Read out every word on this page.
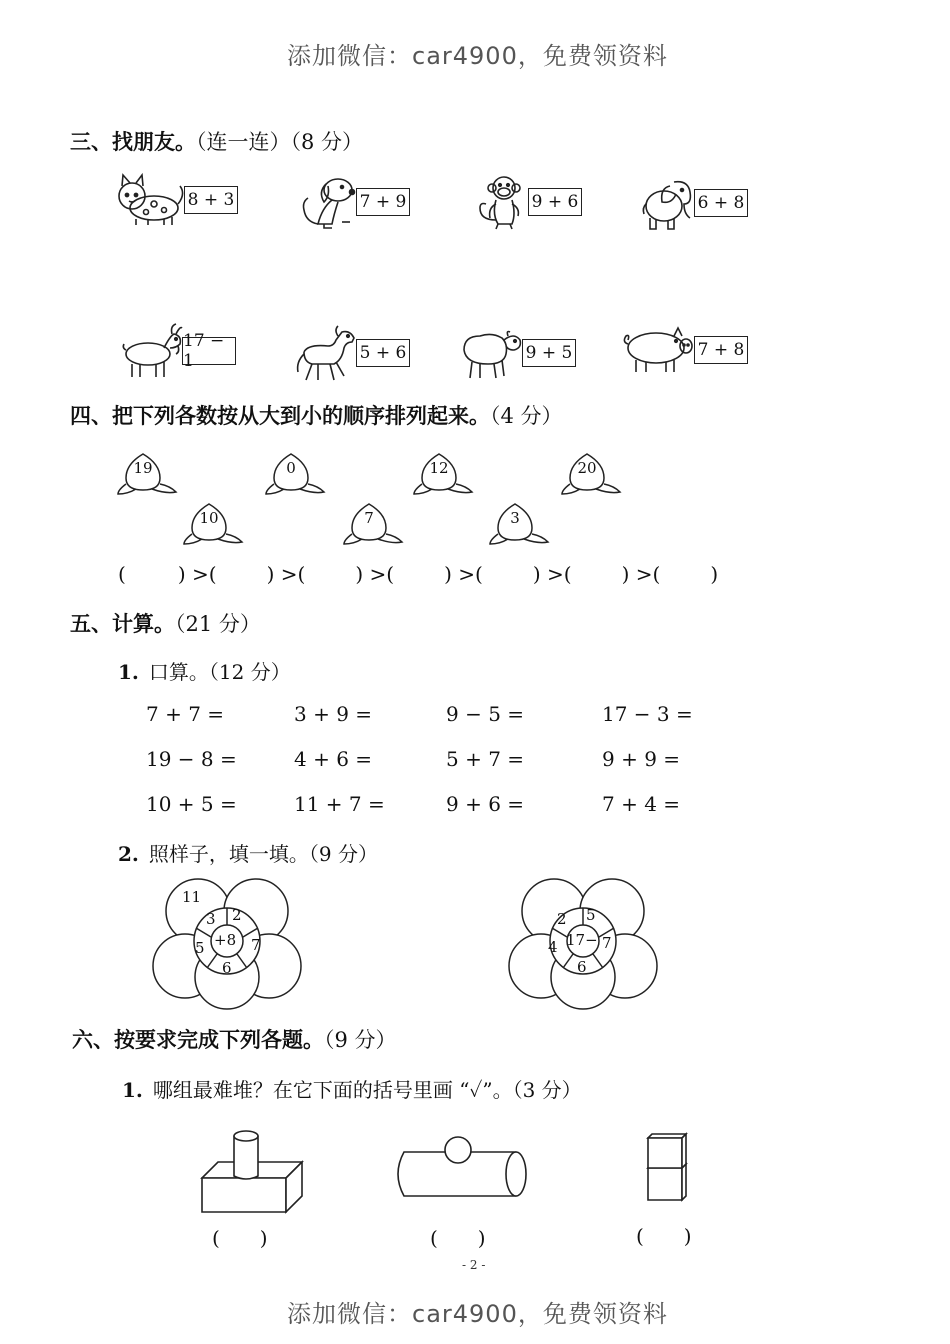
添加微信：car4900，免费领资料
三、找朋友。（连一连）（8 分）
8 + 3	7 + 9	9 + 6	6 + 8
17 − 1	5 + 6	9 + 5	7 + 8
四、把下列各数按从大到小的顺序排列起来。（4 分）
19	0	12	20
10	7	3
(	) >(	) >(	) >(	) >(	) >(	) >(	)
五、计算。（21 分）
1. 口算。（12 分）
7 + 7 =	3 + 9 =	9 − 5 =	17 − 3 =
19 − 8 =	4 + 6 =	5 + 7 =	9 + 9 =
10 + 5 =	11 + 7 =	9 + 6 =	7 + 4 =
2. 照样子，填一填。（9 分）
11
3 2
7
6
5 +8
2 5
7
6
4 17−
六、按要求完成下列各题。（9 分）
1. 哪组最难堆？在它下面的括号里画 “✓”。（3 分）
(　　)	(　　)	(　　)
- 2 -
添加微信：car4900，免费领资料
